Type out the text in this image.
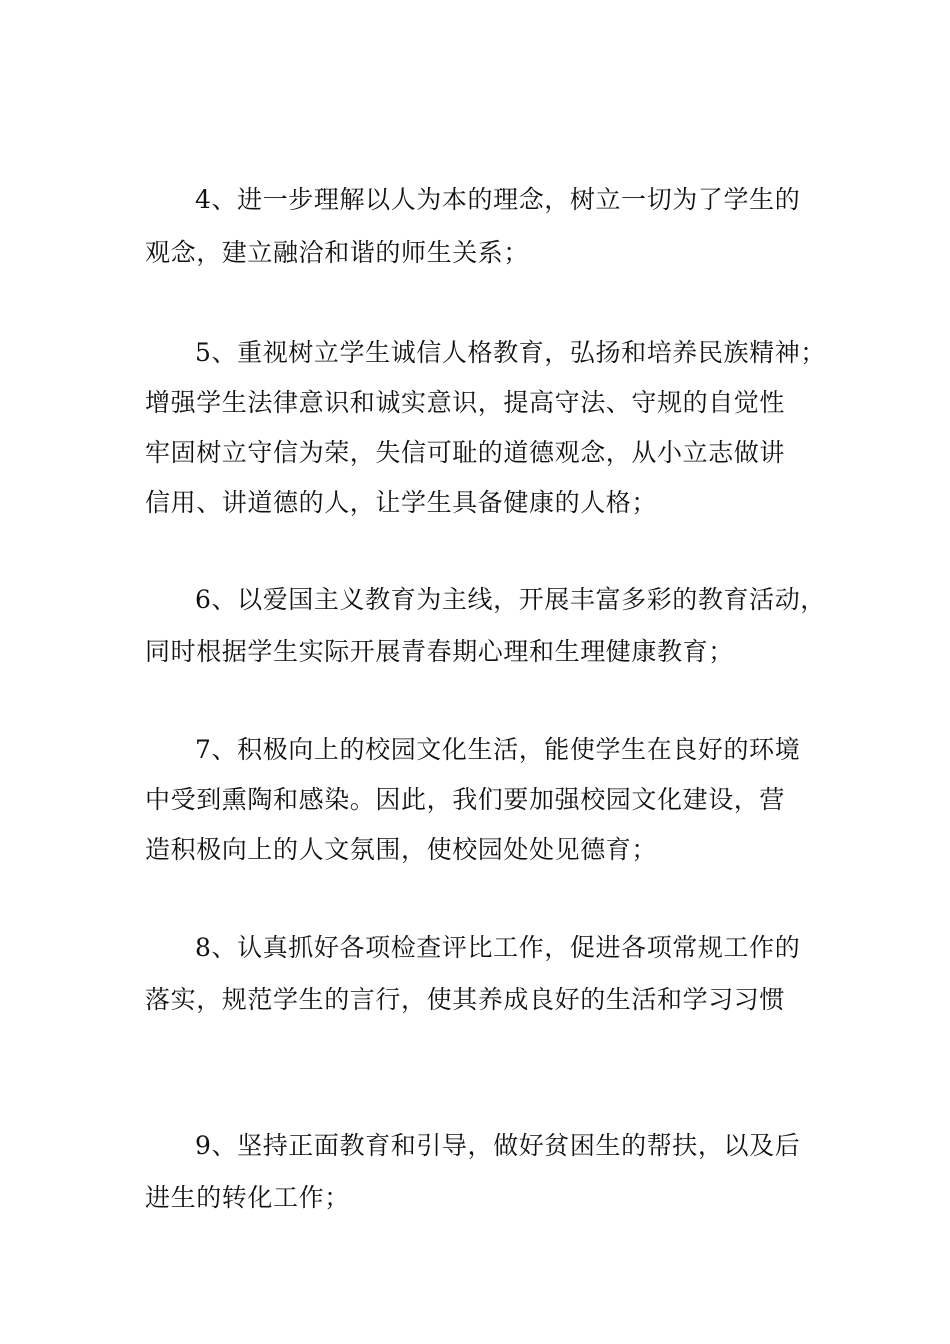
4、进一步理解以人为本的理念，树立一切为了学生的
观念，建立融洽和谐的师生关系；
5、重视树立学生诚信人格教育，弘扬和培养民族精神；
增强学生法律意识和诚实意识，提高守法、守规的自觉性
牢固树立守信为荣，失信可耻的道德观念，从小立志做讲
信用、讲道德的人，让学生具备健康的人格；
6、以爱国主义教育为主线，开展丰富多彩的教育活动，
同时根据学生实际开展青春期心理和生理健康教育；
7、积极向上的校园文化生活，能使学生在良好的环境
中受到熏陶和感染。因此，我们要加强校园文化建设，营
造积极向上的人文氛围，使校园处处见德育；
8、认真抓好各项检查评比工作，促进各项常规工作的
落实，规范学生的言行，使其养成良好的生活和学习习惯
9、坚持正面教育和引导，做好贫困生的帮扶，以及后
进生的转化工作；
